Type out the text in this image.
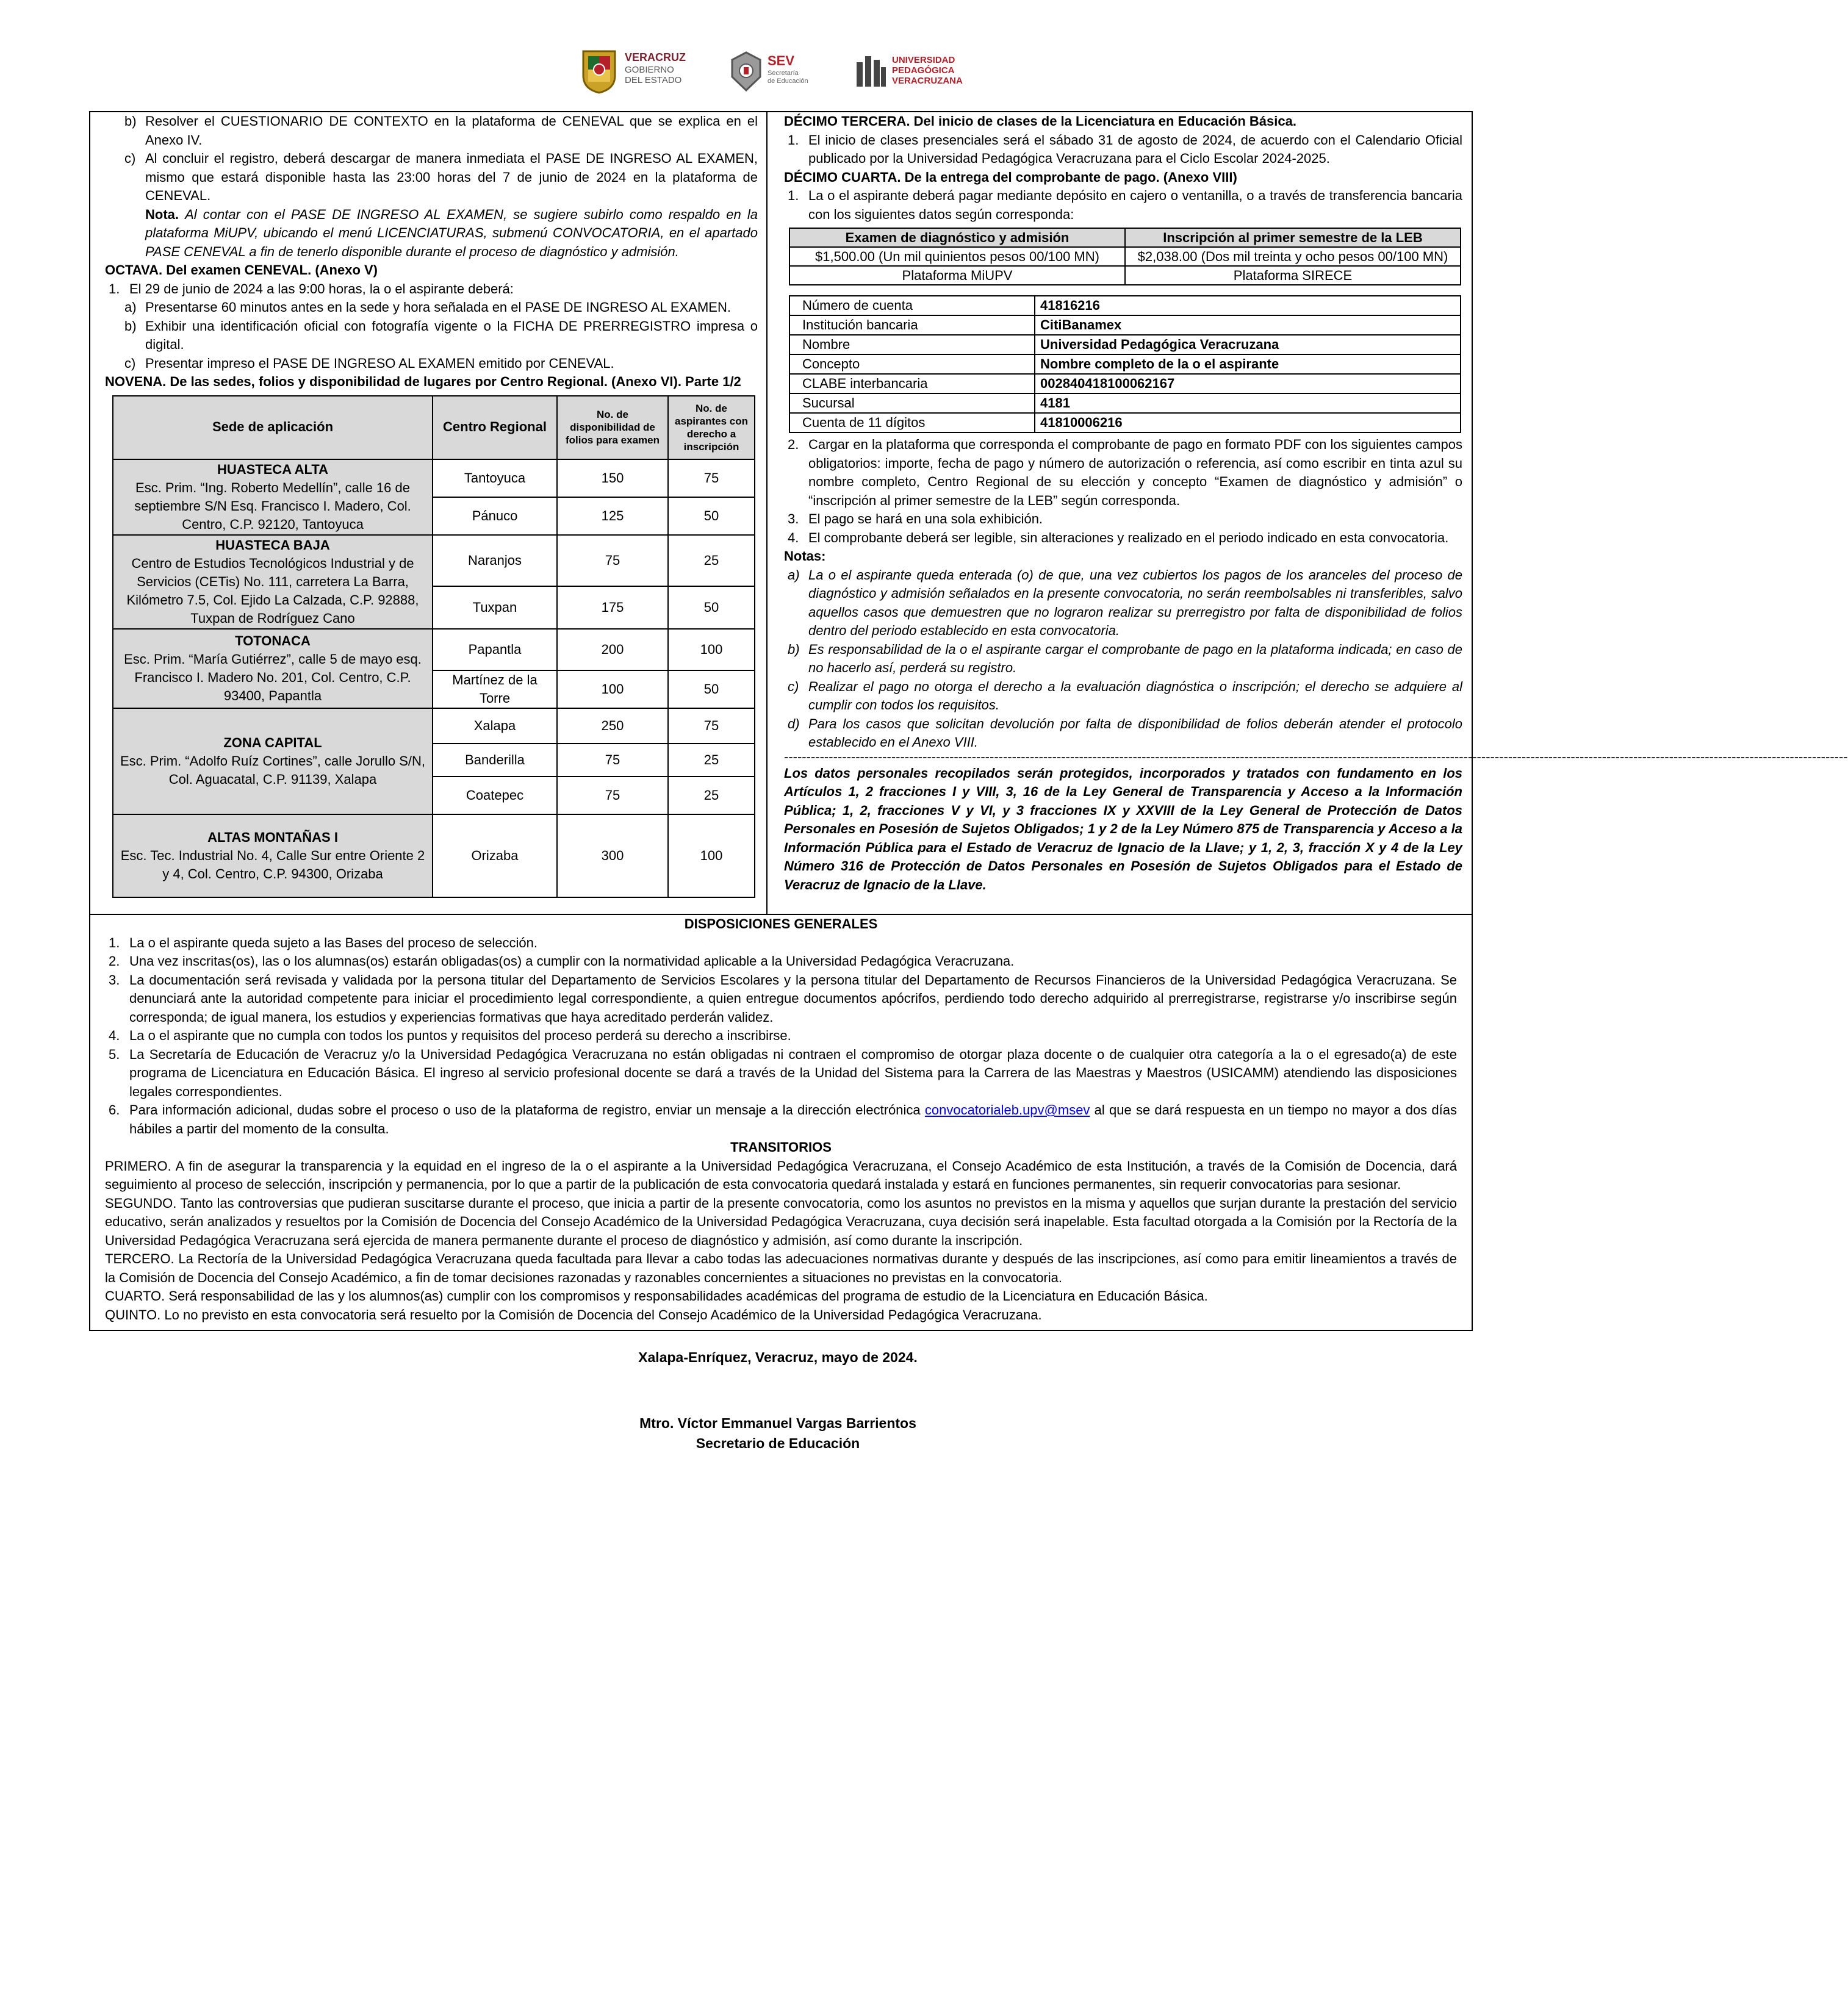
VERACRUZ
GOBIERNO
DEL ESTADO
SEV
Secretaría
de Educación
UNIVERSIDAD
PEDAGÓGICA
VERACRUZANA
b) Resolver el CUESTIONARIO DE CONTEXTO en la plataforma de CENEVAL que se explica en el Anexo IV.
c) Al concluir el registro, deberá descargar de manera inmediata el PASE DE INGRESO AL EXAMEN, mismo que estará disponible hasta las 23:00 horas del 7 de junio de 2024 en la plataforma de CENEVAL.

Nota. Al contar con el PASE DE INGRESO AL EXAMEN, se sugiere subirlo como respaldo en la plataforma MiUPV, ubicando el menú LICENCIATURAS, submenú CONVOCATORIA, en el apartado PASE CENEVAL a fin de tenerlo disponible durante el proceso de diagnóstico y admisión.

OCTAVA. Del examen CENEVAL. (Anexo V)

1. El 29 de junio de 2024 a las 9:00 horas, la o el aspirante deberá:
a) Presentarse 60 minutos antes en la sede y hora señalada en el PASE DE INGRESO AL EXAMEN.
b) Exhibir una identificación oficial con fotografía vigente o la FICHA DE PRERREGISTRO impresa o digital.
c) Presentar impreso el PASE DE INGRESO AL EXAMEN emitido por CENEVAL.

NOVENA. De las sedes, folios y disponibilidad de lugares por Centro Regional. (Anexo VI). Parte 1/2

Sede de aplicación	Centro Regional	No. de disponibilidad de folios para examen	No. de aspirantes con derecho a inscripción

HUASTECA ALTA
Esc. Prim. “Ing. Roberto Medellín”, calle 16 de septiembre S/N Esq. Francisco I. Madero, Col. Centro, C.P. 92120, Tantoyuca	Tantoyuca	150	75
	Pánuco	125	50

HUASTECA BAJA
Centro de Estudios Tecnológicos Industrial y de Servicios (CETis) No. 111, carretera La Barra, Kilómetro 7.5, Col. Ejido La Calzada, C.P. 92888, Tuxpan de Rodríguez Cano	Naranjos	75	25
	Tuxpan	175	50

TOTONACA
Esc. Prim. “María Gutiérrez”, calle 5 de mayo esq. Francisco I. Madero No. 201, Col. Centro, C.P. 93400, Papantla	Papantla	200	100
	Martínez de la Torre	100	50

ZONA CAPITAL
Esc. Prim. “Adolfo Ruíz Cortines”, calle Jorullo S/N, Col. Aguacatal, C.P. 91139, Xalapa	Xalapa	250	75
	Banderilla	75	25
	Coatepec	75	25

ALTAS MONTAÑAS I
Esc. Tec. Industrial No. 4, Calle Sur entre Oriente 2 y 4, Col. Centro, C.P. 94300, Orizaba	Orizaba	300	100

DÉCIMO TERCERA. Del inicio de clases de la Licenciatura en Educación Básica.

1. El inicio de clases presenciales será el sábado 31 de agosto de 2024, de acuerdo con el Calendario Oficial publicado por la Universidad Pedagógica Veracruzana para el Ciclo Escolar 2024-2025.

DÉCIMO CUARTA. De la entrega del comprobante de pago. (Anexo VIII)

1. La o el aspirante deberá pagar mediante depósito en cajero o ventanilla, o a través de transferencia bancaria con los siguientes datos según corresponda:
Examen de diagnóstico y admisión	Inscripción al primer semestre de la LEB
$1,500.00 (Un mil quinientos pesos 00/100 MN)	$2,038.00 (Dos mil treinta y ocho pesos 00/100 MN)
Plataforma MiUPV	Plataforma SIRECE
Número de cuenta	41816216
Institución bancaria	CitiBanamex
Nombre	Universidad Pedagógica Veracruzana
Concepto	Nombre completo de la o el aspirante
CLABE interbancaria	002840418100062167
Sucursal	4181
Cuenta de 11 dígitos	41810006216
2. Cargar en la plataforma que corresponda el comprobante de pago en formato PDF con los siguientes campos obligatorios: importe, fecha de pago y número de autorización o referencia, así como escribir en tinta azul su nombre completo, Centro Regional de su elección y concepto “Examen de diagnóstico y admisión” o “inscripción al primer semestre de la LEB” según corresponda.
3. El pago se hará en una sola exhibición.
4. El comprobante deberá ser legible, sin alteraciones y realizado en el periodo indicado en esta convocatoria.

Notas:

a) La o el aspirante queda enterada (o) de que, una vez cubiertos los pagos de los aranceles del proceso de diagnóstico y admisión señalados en la presente convocatoria, no serán reembolsables ni transferibles, salvo aquellos casos que demuestren que no lograron realizar su prerregistro por falta de disponibilidad de folios dentro del periodo establecido en esta convocatoria.
b) Es responsabilidad de la o el aspirante cargar el comprobante de pago en la plataforma indicada; en caso de no hacerlo así, perderá su registro.
c) Realizar el pago no otorga el derecho a la evaluación diagnóstica o inscripción; el derecho se adquiere al cumplir con todos los requisitos.
d) Para los casos que solicitan devolución por falta de disponibilidad de folios deberán atender el protocolo establecido en el Anexo VIII.
----------------------------------------------------------------------------------------------------------------------------------------------------------------------------------------------------------------------------------------------

Los datos personales recopilados serán protegidos, incorporados y tratados con fundamento en los Artículos 1, 2 fracciones I y VIII, 3, 16 de la Ley General de Transparencia y Acceso a la Información Pública; 1, 2, fracciones V y VI, y 3 fracciones IX y XXVIII de la Ley General de Protección de Datos Personales en Posesión de Sujetos Obligados; 1 y 2 de la Ley Número 875 de Transparencia y Acceso a la Información Pública para el Estado de Veracruz de Ignacio de la Llave; y 1, 2, 3, fracción X y 4 de la Ley Número 316 de Protección de Datos Personales en Posesión de Sujetos Obligados para el Estado de Veracruz de Ignacio de la Llave.

DISPOSICIONES GENERALES

1. La o el aspirante queda sujeto a las Bases del proceso de selección.
2. Una vez inscritas(os), las o los alumnas(os) estarán obligadas(os) a cumplir con la normatividad aplicable a la Universidad Pedagógica Veracruzana.
3. La documentación será revisada y validada por la persona titular del Departamento de Servicios Escolares y la persona titular del Departamento de Recursos Financieros de la Universidad Pedagógica Veracruzana. Se denunciará ante la autoridad competente para iniciar el procedimiento legal correspondiente, a quien entregue documentos apócrifos, perdiendo todo derecho adquirido al prerregistrarse, registrarse y/o inscribirse según corresponda; de igual manera, los estudios y experiencias formativas que haya acreditado perderán validez.
4. La o el aspirante que no cumpla con todos los puntos y requisitos del proceso perderá su derecho a inscribirse.
5. La Secretaría de Educación de Veracruz y/o la Universidad Pedagógica Veracruzana no están obligadas ni contraen el compromiso de otorgar plaza docente o de cualquier otra categoría a la o el egresado(a) de este programa de Licenciatura en Educación Básica. El ingreso al servicio profesional docente se dará a través de la Unidad del Sistema para la Carrera de las Maestras y Maestros (USICAMM) atendiendo las disposiciones legales correspondientes.
6. Para información adicional, dudas sobre el proceso o uso de la plataforma de registro, enviar un mensaje a la dirección electrónica convocatorialeb.upv@msev al que se dará respuesta en un tiempo no mayor a dos días hábiles a partir del momento de la consulta.

TRANSITORIOS

PRIMERO. A fin de asegurar la transparencia y la equidad en el ingreso de la o el aspirante a la Universidad Pedagógica Veracruzana, el Consejo Académico de esta Institución, a través de la Comisión de Docencia, dará seguimiento al proceso de selección, inscripción y permanencia, por lo que a partir de la publicación de esta convocatoria quedará instalada y estará en funciones permanentes, sin requerir convocatorias para sesionar.

SEGUNDO. Tanto las controversias que pudieran suscitarse durante el proceso, que inicia a partir de la presente convocatoria, como los asuntos no previstos en la misma y aquellos que surjan durante la prestación del servicio educativo, serán analizados y resueltos por la Comisión de Docencia del Consejo Académico de la Universidad Pedagógica Veracruzana, cuya decisión será inapelable. Esta facultad otorgada a la Comisión por la Rectoría de la Universidad Pedagógica Veracruzana será ejercida de manera permanente durante el proceso de diagnóstico y admisión, así como durante la inscripción.

TERCERO. La Rectoría de la Universidad Pedagógica Veracruzana queda facultada para llevar a cabo todas las adecuaciones normativas durante y después de las inscripciones, así como para emitir lineamientos a través de la Comisión de Docencia del Consejo Académico, a fin de tomar decisiones razonadas y razonables concernientes a situaciones no previstas en la convocatoria.

CUARTO. Será responsabilidad de las y los alumnos(as) cumplir con los compromisos y responsabilidades académicas del programa de estudio de la Licenciatura en Educación Básica.

QUINTO. Lo no previsto en esta convocatoria será resuelto por la Comisión de Docencia del Consejo Académico de la Universidad Pedagógica Veracruzana.

Xalapa-Enríquez, Veracruz, mayo de 2024.
Mtro. Víctor Emmanuel Vargas Barrientos
Secretario de Educación
